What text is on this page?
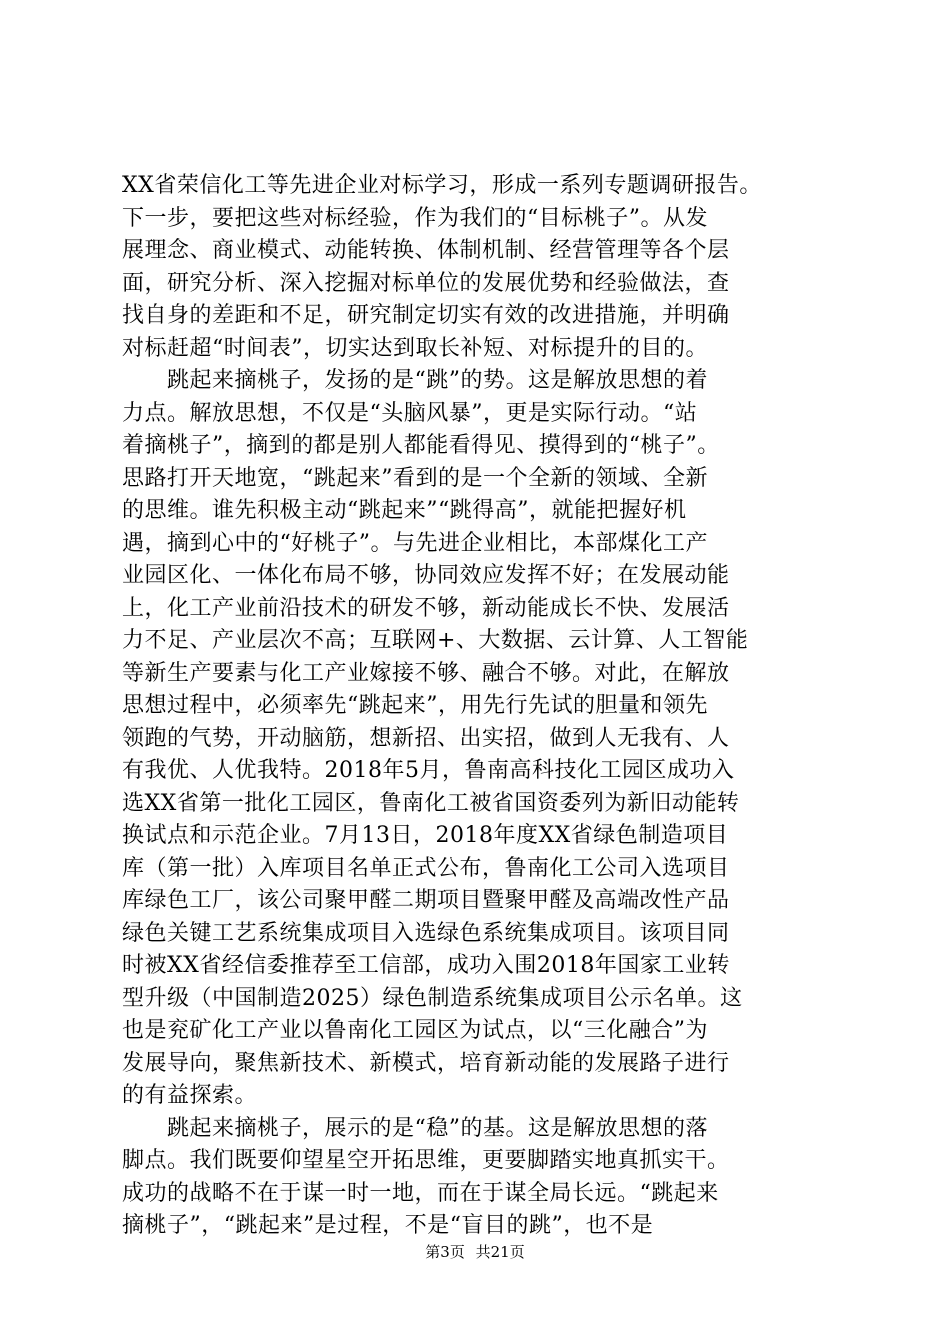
XX省荣信化工等先进企业对标学习，形成一系列专题调研报告。
下一步，要把这些对标经验，作为我们的“目标桃子”。从发
展理念、商业模式、动能转换、体制机制、经营管理等各个层
面，研究分析、深入挖掘对标单位的发展优势和经验做法，查
找自身的差距和不足，研究制定切实有效的改进措施，并明确
对标赶超“时间表”，切实达到取长补短、对标提升的目的。
　　跳起来摘桃子，发扬的是“跳”的势。这是解放思想的着
力点。解放思想，不仅是“头脑风暴”，更是实际行动。“站
着摘桃子”，摘到的都是别人都能看得见、摸得到的“桃子”。
思路打开天地宽，“跳起来”看到的是一个全新的领域、全新
的思维。谁先积极主动“跳起来”“跳得高”，就能把握好机
遇，摘到心中的“好桃子”。与先进企业相比，本部煤化工产
业园区化、一体化布局不够，协同效应发挥不好；在发展动能
上，化工产业前沿技术的研发不够，新动能成长不快、发展活
力不足、产业层次不高；互联网+、大数据、云计算、人工智能
等新生产要素与化工产业嫁接不够、融合不够。对此，在解放
思想过程中，必须率先“跳起来”，用先行先试的胆量和领先
领跑的气势，开动脑筋，想新招、出实招，做到人无我有、人
有我优、人优我特。2018年5月，鲁南高科技化工园区成功入
选XX省第一批化工园区，鲁南化工被省国资委列为新旧动能转
换试点和示范企业。7月13日，2018年度XX省绿色制造项目
库（第一批）入库项目名单正式公布，鲁南化工公司入选项目
库绿色工厂，该公司聚甲醛二期项目暨聚甲醛及高端改性产品
绿色关键工艺系统集成项目入选绿色系统集成项目。该项目同
时被XX省经信委推荐至工信部，成功入围2018年国家工业转
型升级（中国制造2025）绿色制造系统集成项目公示名单。这
也是兖矿化工产业以鲁南化工园区为试点，以“三化融合”为
发展导向，聚焦新技术、新模式，培育新动能的发展路子进行
的有益探索。
　　跳起来摘桃子，展示的是“稳”的基。这是解放思想的落
脚点。我们既要仰望星空开拓思维，更要脚踏实地真抓实干。
成功的战略不在于谋一时一地，而在于谋全局长远。“跳起来
摘桃子”，“跳起来”是过程，不是“盲目的跳”，也不是
第3页 共21页
